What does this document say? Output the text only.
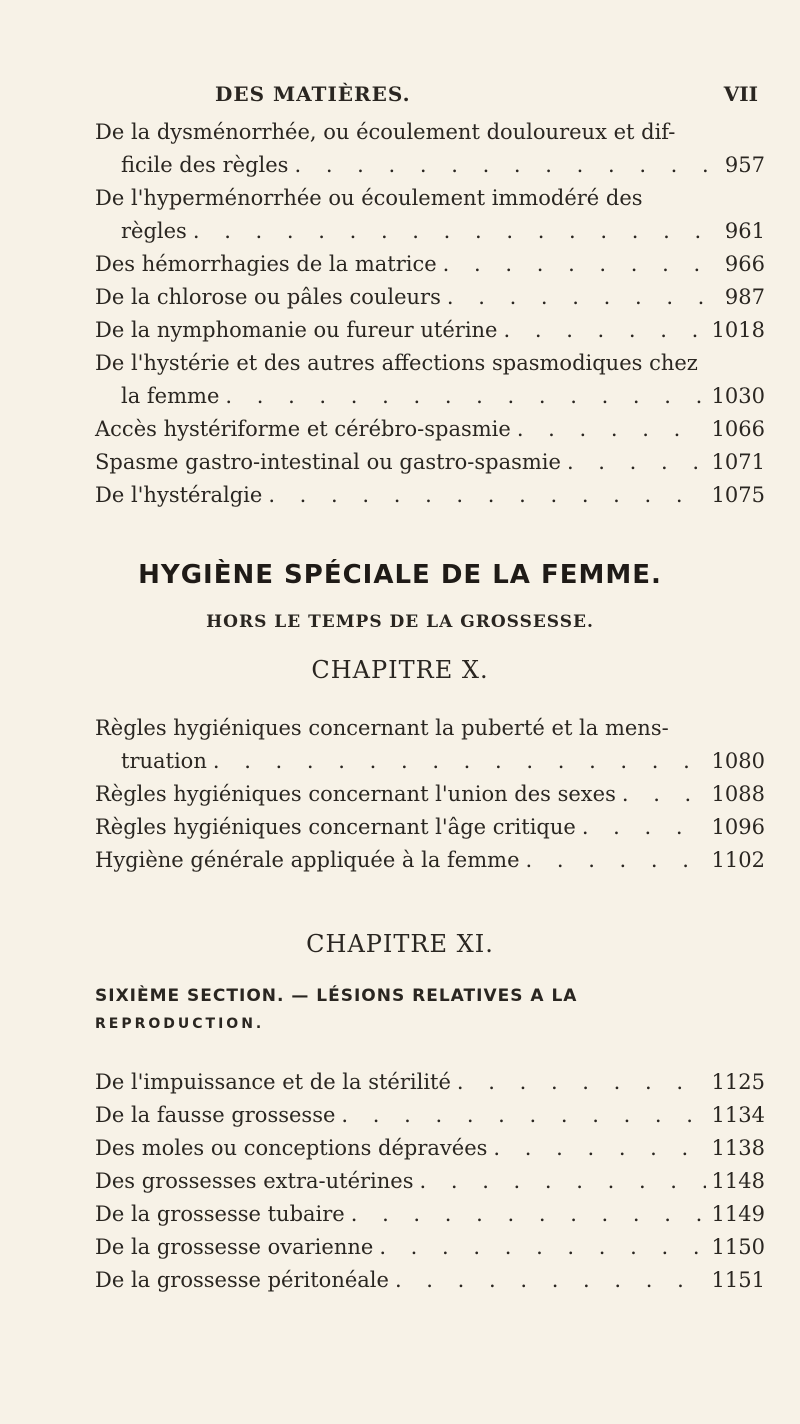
DES MATIÈRES.	VII
De la dysménorrhée, ou écoulement douloureux et dif-
ficile des règles . . .	957
De l'hyperménorrhée ou écoulement immodéré des
règles . . .	961
Des hémorrhagies de la matrice . . .	966
De la chlorose ou pâles couleurs . . .	987
De la nymphomanie ou fureur utérine . . .	1018
De l'hystérie et des autres affections spasmodiques chez
la femme . . .	1030
Accès hystériforme et cérébro-spasmie . . .	1066
Spasme gastro-intestinal ou gastro-spasmie . . .	1071
De l'hystéralgie . . .	1075
HYGIÈNE SPÉCIALE DE LA FEMME.
HORS LE TEMPS DE LA GROSSESSE.
CHAPITRE X.
Règles hygiéniques concernant la puberté et la mens-
truation . . .	1080
Règles hygiéniques concernant l'union des sexes . . .	1088
Règles hygiéniques concernant l'âge critique . . .	1096
Hygiène générale appliquée à la femme . . .	1102
CHAPITRE XI.
SIXIÈME SECTION. — LÉSIONS RELATIVES A LA
REPRODUCTION.
De l'impuissance et de la stérilité . . .	1125
De la fausse grossesse . . .	1134
Des moles ou conceptions dépravées . . .	1138
Des grossesses extra-utérines . . .	1148
De la grossesse tubaire . . .	1149
De la grossesse ovarienne . . .	1150
De la grossesse péritonéale . . .	1151
